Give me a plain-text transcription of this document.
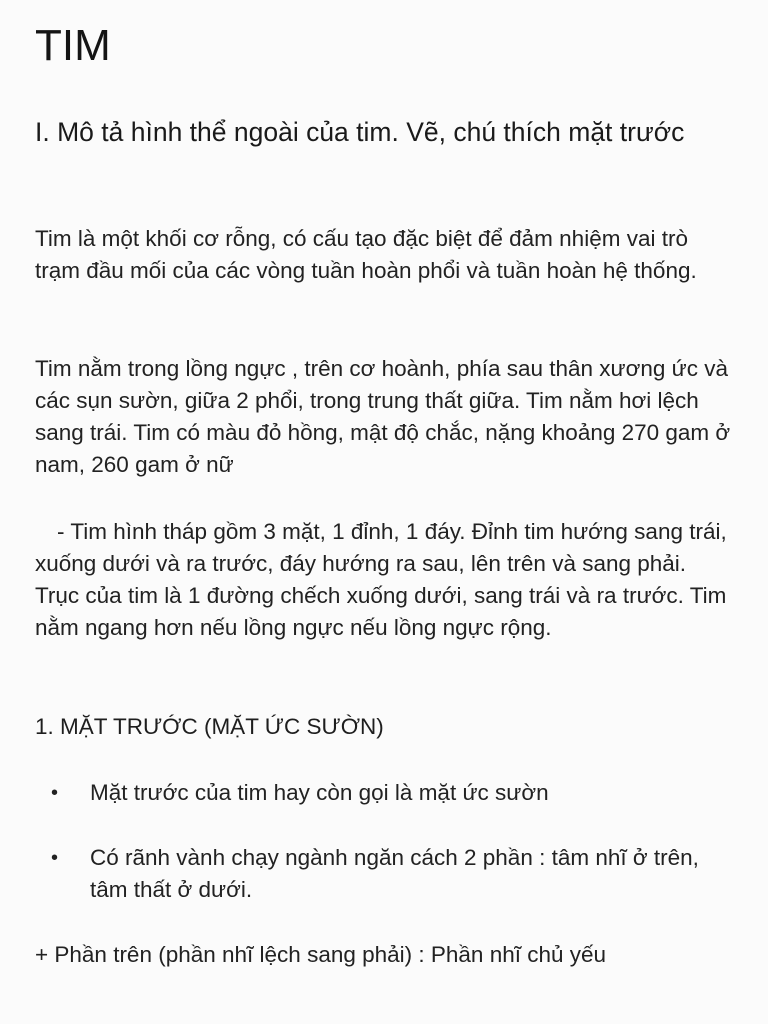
TIM
I. Mô tả hình thể ngoài của tim. Vẽ, chú thích mặt trước

Tim là một khối cơ rỗng, có cấu tạo đặc biệt để đảm nhiệm vai trò trạm đầu mối của các vòng tuần hoàn phổi và tuần hoàn hệ thống.

Tim nằm trong lồng ngực , trên cơ hoành, phía sau thân xương ức và các sụn sườn, giữa 2 phổi, trong trung thất giữa. Tim nằm hơi lệch sang trái. Tim có màu đỏ hồng, mật độ chắc, nặng khoảng 270 gam ở nam, 260 gam ở nữ

- Tim hình tháp gồm 3 mặt, 1 đỉnh, 1 đáy. Đỉnh tim hướng sang trái, xuống dưới và ra trước, đáy hướng ra sau, lên trên và sang phải. Trục của tim là 1 đường chếch xuống dưới, sang trái và ra trước. Tim nằm ngang hơn nếu lồng ngực nếu lồng ngực rộng.

1. MẶT TRƯỚC (MẶT ỨC SƯỜN)
• Mặt trước của tim hay còn gọi là mặt ức sườn
• Có rãnh vành chạy ngành ngăn cách 2 phần : tâm nhĩ ở trên, tâm thất ở dưới.

+ Phần trên (phần nhĩ lệch sang phải) : Phần nhĩ chủ yếu
